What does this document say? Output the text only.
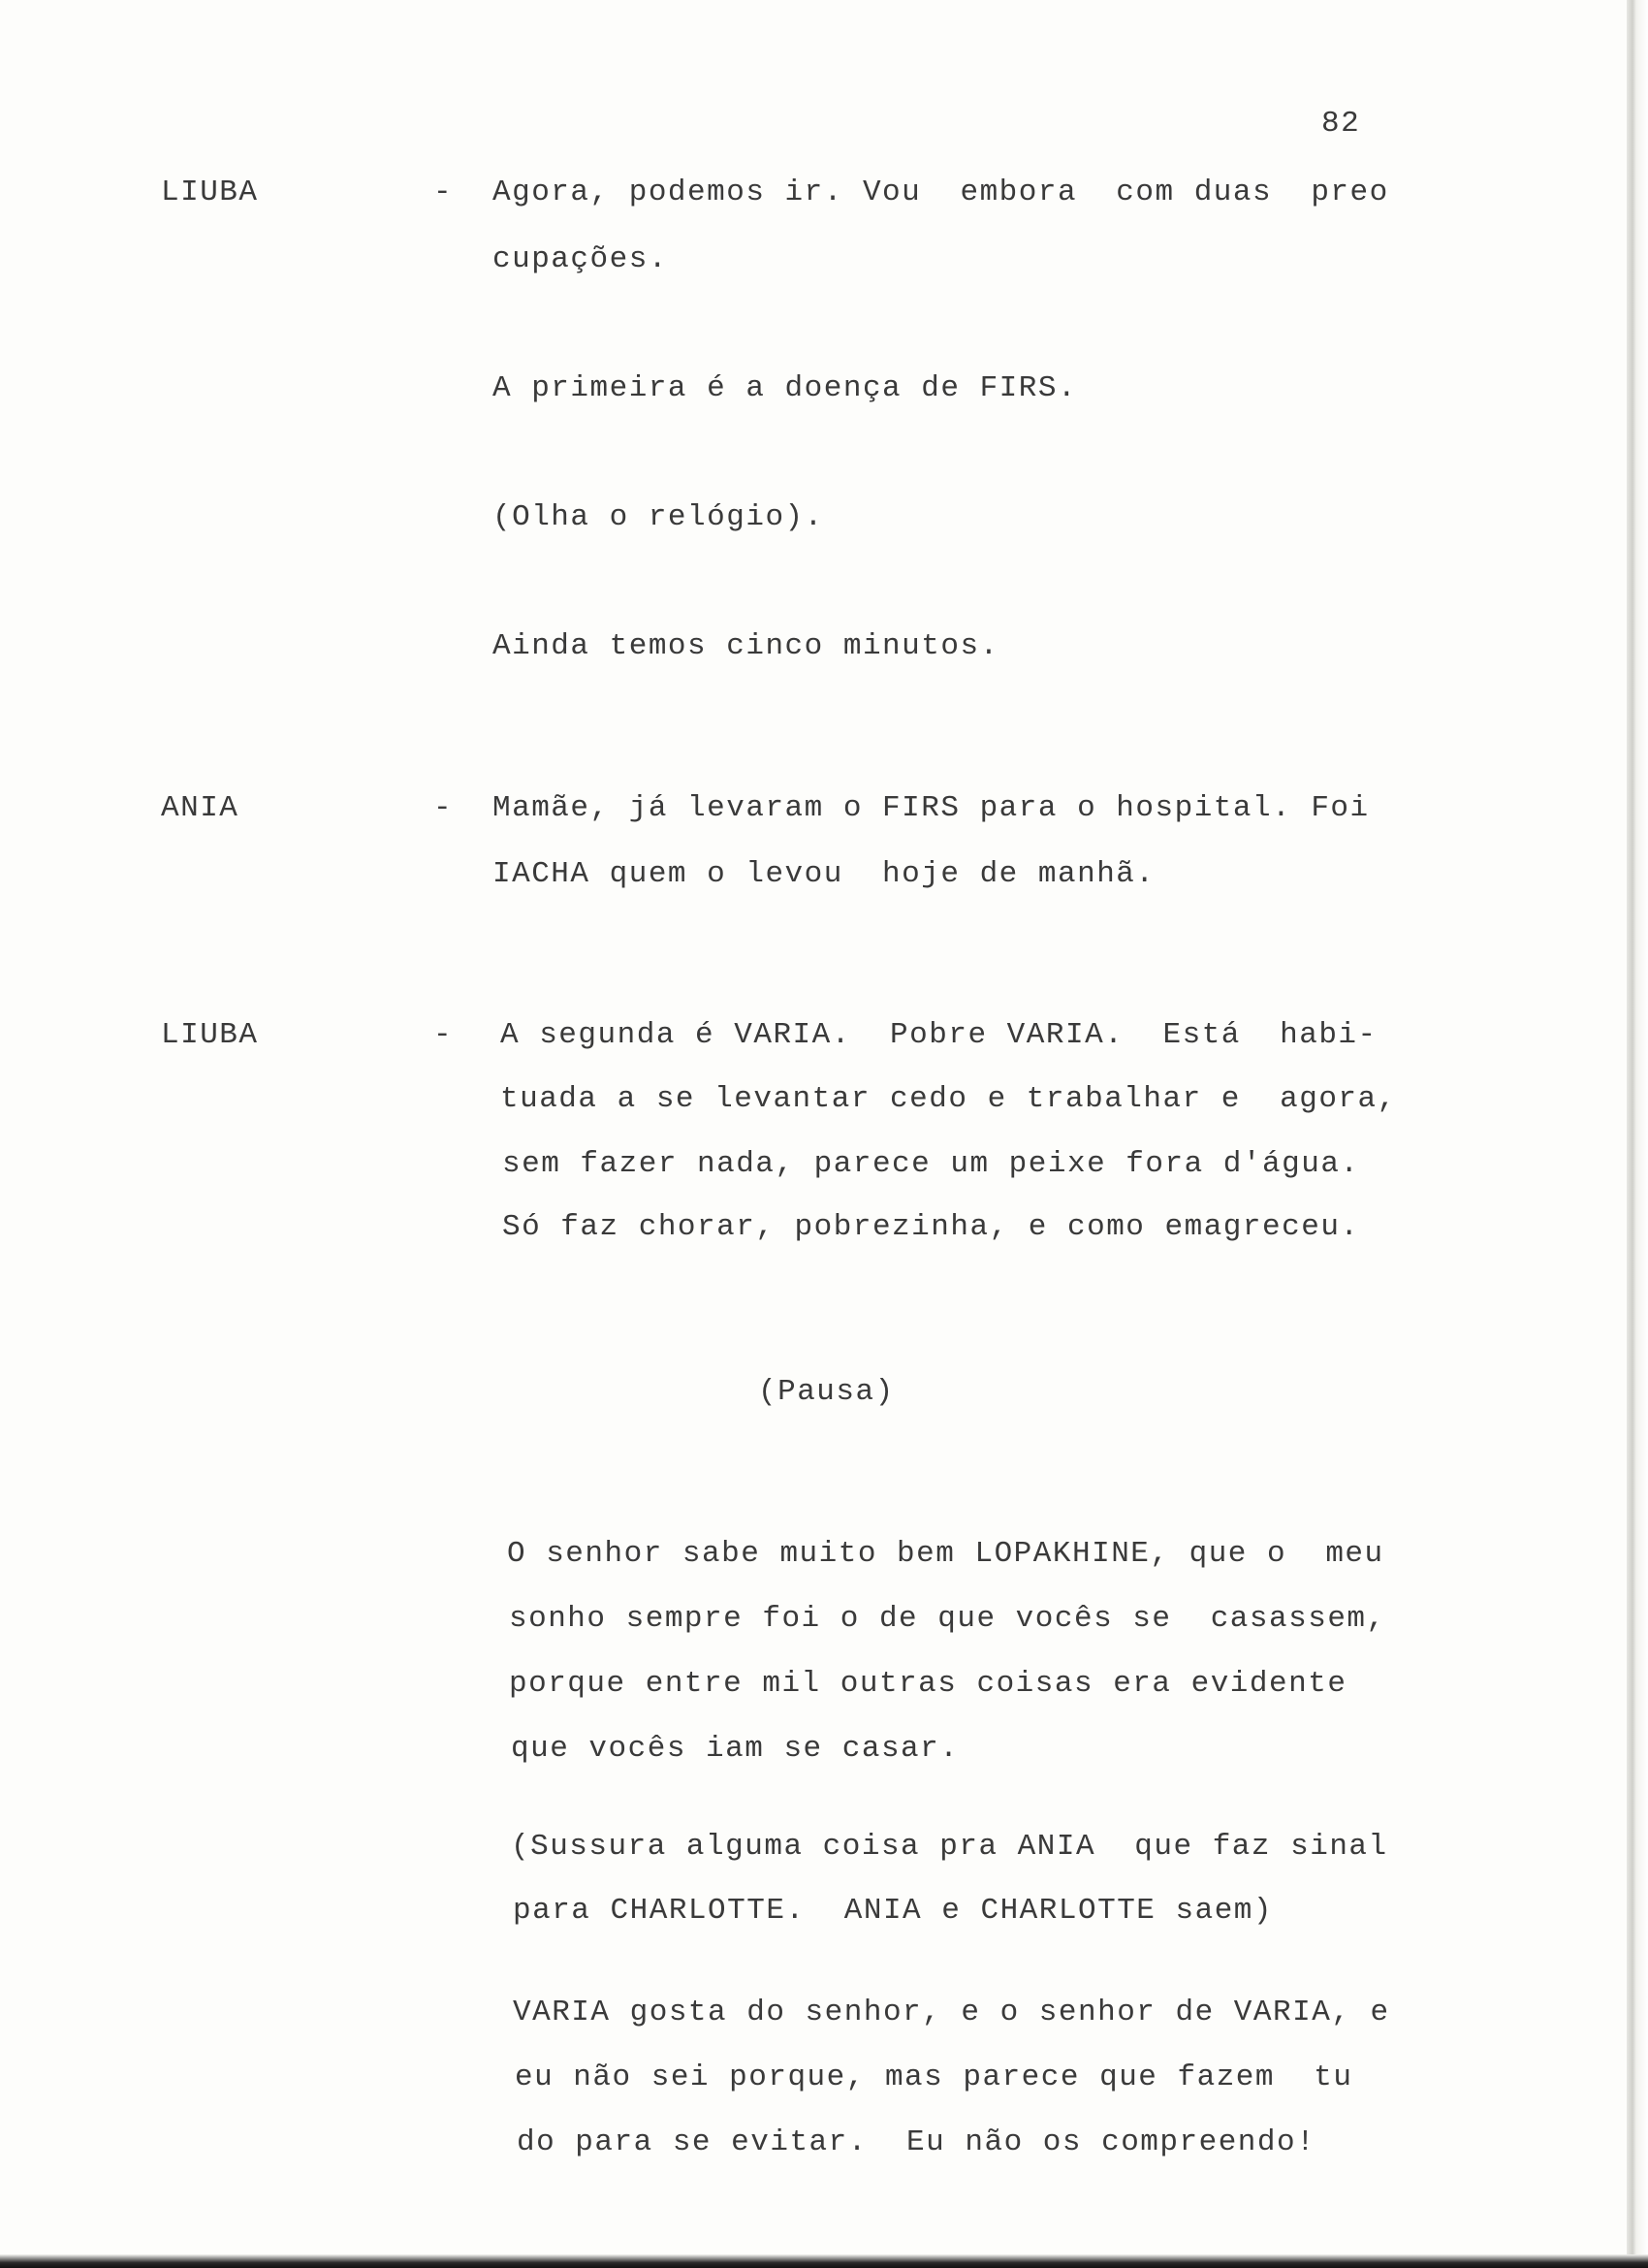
82
LIUBA	- Agora, podemos ir. Vou  embora  com duas  preo
cupações.
A primeira é a doença de FIRS.
(Olha o relógio).
Ainda temos cinco minutos.
ANIA	- Mamãe, já levaram o FIRS para o hospital. Foi
IACHA quem o levou  hoje de manhã.
LIUBA	- A segunda é VARIA.  Pobre VARIA.  Está  habi-
tuada a se levantar cedo e trabalhar e  agora,
sem fazer nada, parece um peixe fora d'água.
Só faz chorar, pobrezinha, e como emagreceu.
(Pausa)
O senhor sabe muito bem LOPAKHINE, que o  meu
sonho sempre foi o de que vocês se  casassem,
porque entre mil outras coisas era evidente
que vocês iam se casar.
(Sussura alguma coisa pra ANIA  que faz sinal
para CHARLOTTE.  ANIA e CHARLOTTE saem)
VARIA gosta do senhor, e o senhor de VARIA, e
eu não sei porque, mas parece que fazem  tu
do para se evitar.  Eu não os compreendo!
